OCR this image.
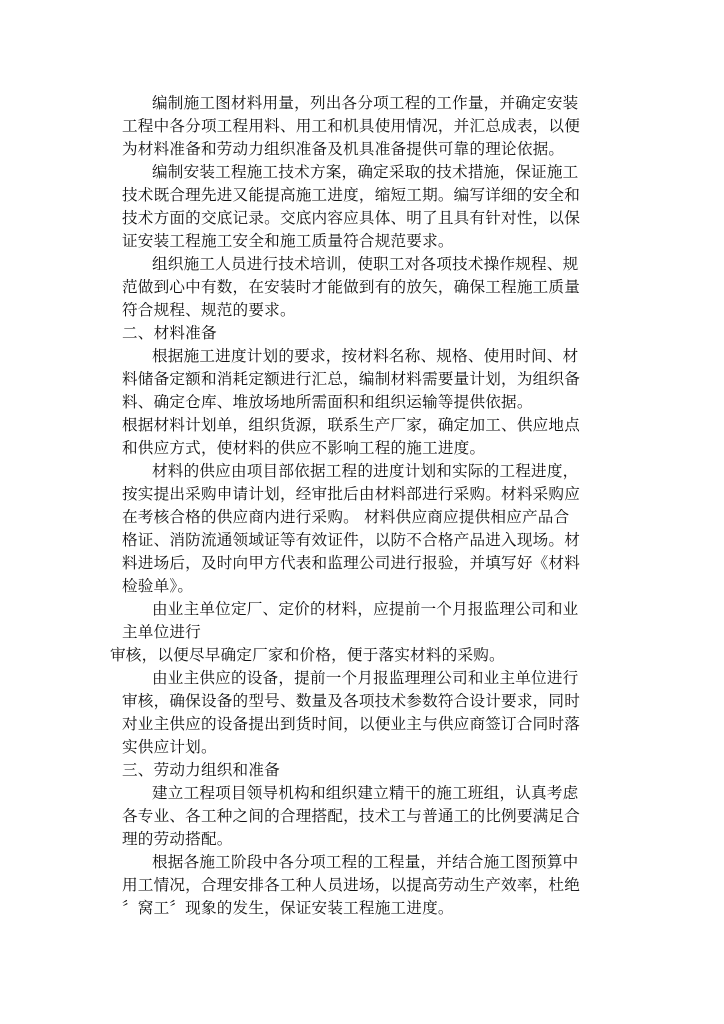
编制施工图材料用量，列出各分项工程的工作量，并确定安装
工程中各分项工程用料、用工和机具使用情况，并汇总成表，以便
为材料准备和劳动力组织准备及机具准备提供可靠的理论依据。
编制安装工程施工技术方案，确定采取的技术措施，保证施工
技术既合理先进又能提高施工进度，缩短工期。编写详细的安全和
技术方面的交底记录。交底内容应具体、明了且具有针对性，以保
证安装工程施工安全和施工质量符合规范要求。
组织施工人员进行技术培训，使职工对各项技术操作规程、规
范做到心中有数，在安装时才能做到有的放矢，确保工程施工质量
符合规程、规范的要求。
二、材料准备
根据施工进度计划的要求，按材料名称、规格、使用时间、材
料储备定额和消耗定额进行汇总，编制材料需要量计划，为组织备
料、确定仓库、堆放场地所需面积和组织运输等提供依据。
根据材料计划单，组织货源，联系生产厂家，确定加工、供应地点
和供应方式，使材料的供应不影响工程的施工进度。
材料的供应由项目部依据工程的进度计划和实际的工程进度，
按实提出采购申请计划，经审批后由材料部进行采购。材料采购应
在考核合格的供应商内进行采购。 材料供应商应提供相应产品合
格证、消防流通领域证等有效证件，以防不合格产品进入现场。材
料进场后，及时向甲方代表和监理公司进行报验，并填写好《材料
检验单》。
由业主单位定厂、定价的材料，应提前一个月报监理公司和业
主单位进行
审核，以便尽早确定厂家和价格，便于落实材料的采购。
由业主供应的设备，提前一个月报监理理公司和业主单位进行
审核，确保设备的型号、数量及各项技术参数符合设计要求，同时
对业主供应的设备提出到货时间，以便业主与供应商签订合同时落
实供应计划。
三、劳动力组织和准备
建立工程项目领导机构和组织建立精干的施工班组，认真考虑
各专业、各工种之间的合理搭配，技术工与普通工的比例要满足合
理的劳动搭配。
根据各施工阶段中各分项工程的工程量，并结合施工图预算中
用工情况，合理安排各工种人员进场，以提高劳动生产效率，杜绝
〞窝工〞现象的发生，保证安装工程施工进度。
